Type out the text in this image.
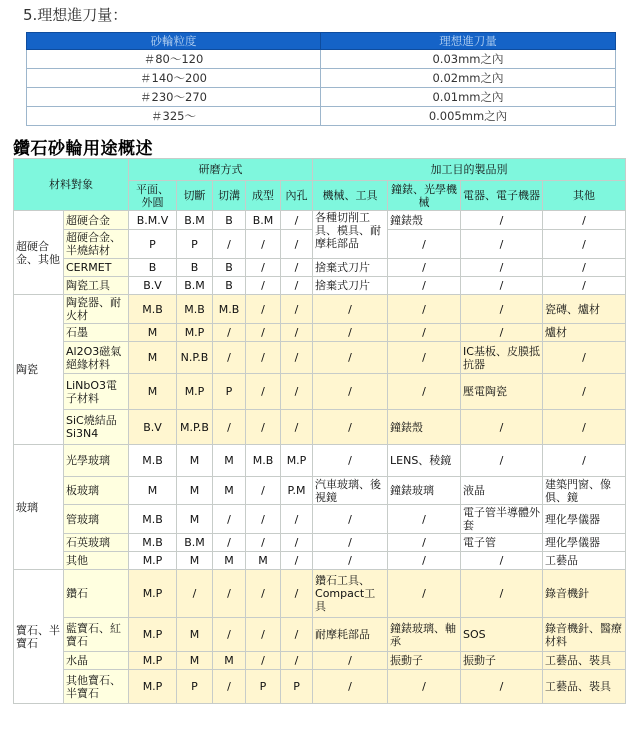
5.理想進刀量：
砂輪粒度	理想進刀量
＃80～120	0.03mm之內
＃140～200	0.02mm之內
＃230～270	0.01mm之內
＃325～	0.005mm之內
鑽石砂輪用途概述
材料對象		研磨方式					加工目的製品別			
		平面、外圓	切斷	切溝	成型	內孔	機械、工具	鐘錶、光學機械	電器、電子機器	其他
超硬合金、其他	超硬合金	B.M.V	B.M	B	B.M	/	各種切削工具、模具、耐摩耗部品	鐘錶殼	/	/
	超硬合金、半燒結材	P	P	/	/	/		/	/	/
	CERMET	B	B	B	/	/	捨棄式刀片	/	/	/
	陶瓷工具	B.V	B.M	B	/	/	捨棄式刀片	/	/	/
陶瓷	陶瓷器、耐火材	M.B	M.B	M.B	/	/	/	/	/	瓷磚、爐材
	石墨	M	M.P	/	/	/	/	/	/	爐材
	Al2O3磁氣絕緣材料	M	N.P.B	/	/	/	/	/	IC基板、皮膜抵抗器	/
	LiNbO3電子材料	M	M.P	P	/	/	/	/	壓電陶瓷	/
	SiC燒結品Si3N4	B.V	M.P.B	/	/	/	/	鐘錶殼	/	/
玻璃	光學玻璃	M.B	M	M	M.B	M.P	/	LENS、稜鏡	/	/
	板玻璃	M	M	M	/	P.M	汽車玻璃、後視鏡	鐘錶玻璃	液晶	建築門窗、像俱、鏡
	管玻璃	M.B	M	/	/	/	/	/	電子管半導體外套	理化學儀器
	石英玻璃	M.B	B.M	/	/	/	/	/	電子管	理化學儀器
	其他	M.P	M	M	M	/	/	/	/	工藝品
寶石、半寶石	鑽石	M.P	/	/	/	/	鑽石工具、Compact工具	/	/	錄音機針
	藍寶石、紅寶石	M.P	M	/	/	/	耐摩耗部品	鐘錶玻璃、軸承	SOS	錄音機針、醫療材料
	水晶	M.P	M	M	/	/	/	振動子	振動子	工藝品、裝具
	其他寶石、半寶石	M.P	P	/	P	P	/	/	/	工藝品、裝具
